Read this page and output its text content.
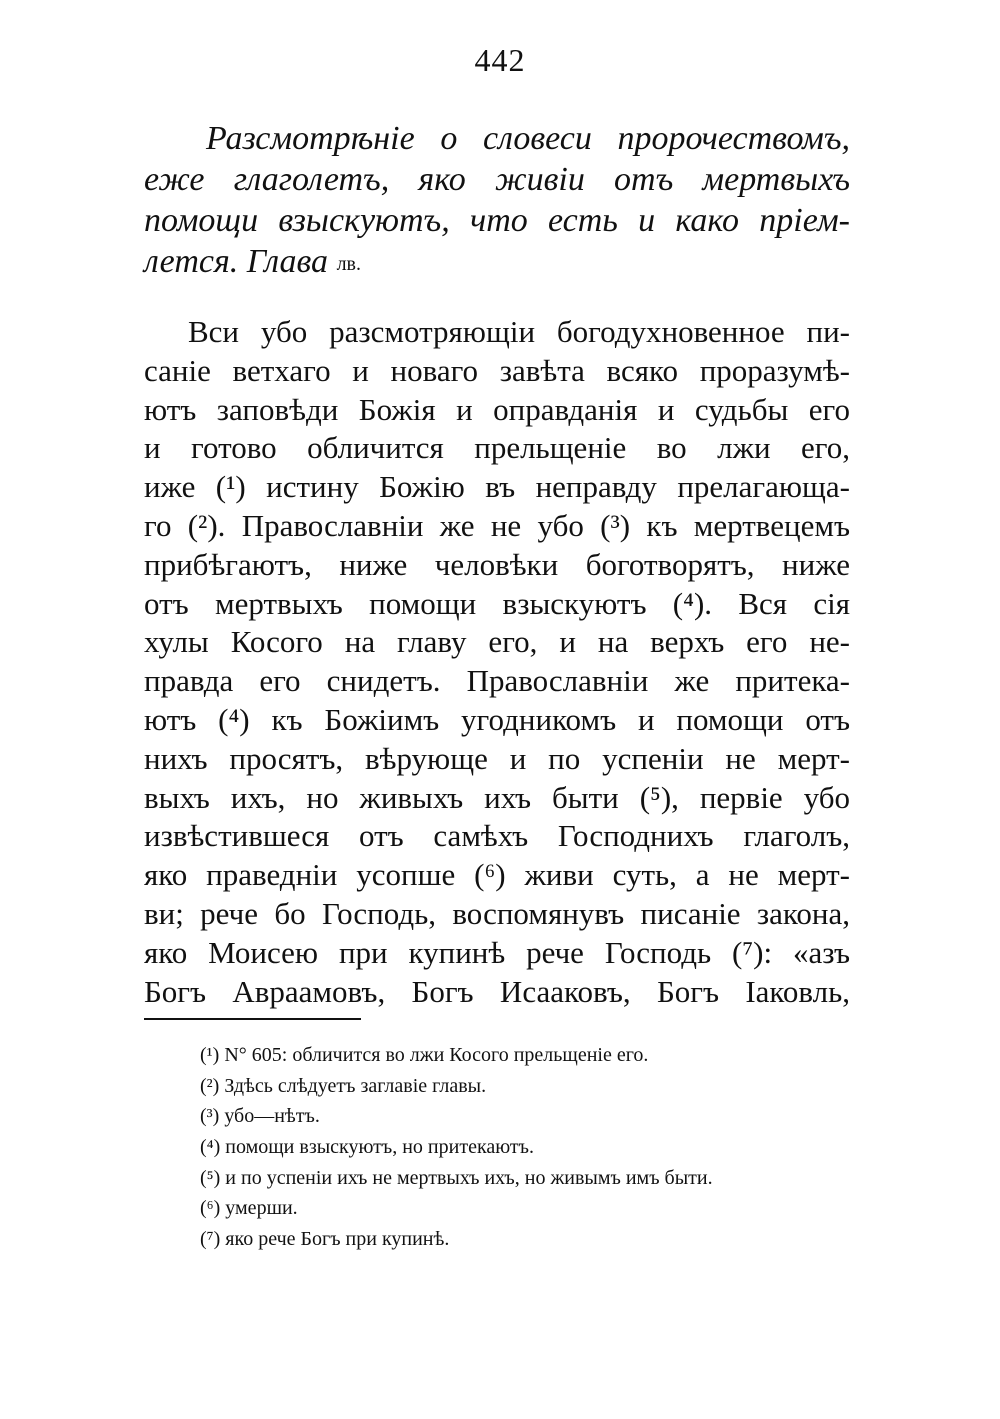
442
Разсмотрѣніе о словеси пророчествомъ,
еже глаголетъ, яко живіи отъ мертвыхъ
помощи взыскуютъ, что есть и како пріем-
лется. Глава лв.
Вси убо разсмотряющіи богодухновенное пи-
саніе ветхаго и новаго завѣта всяко проразумѣ-
ютъ заповѣди Божія и оправданія и судьбы его
и готово обличится прельщеніе во лжи его,
иже (¹) истину Божію въ неправду прелагающа-
го (²). Православніи же не убо (³) къ мертвецемъ
прибѣгаютъ, ниже человѣки боготворятъ, ниже
отъ мертвыхъ помощи взыскуютъ (⁴). Вся сія
хулы Косого на главу его, и на верхъ его не-
правда его снидетъ. Православніи же притека-
ютъ (⁴) къ Божіимъ угодникомъ и помощи отъ
нихъ просятъ, вѣрующе и по успеніи не мерт-
выхъ ихъ, но живыхъ ихъ быти (⁵), первіе убо
извѣстившеся отъ самѣхъ Господнихъ глаголъ,
яко праведніи усопше (⁶) живи суть, а не мерт-
ви; рече бо Господь, воспомянувъ писаніе закона,
яко Моисею при купинѣ рече Господь (⁷): «азъ
Богъ Авраамовъ, Богъ Исааковъ, Богъ Іаковль,
(¹) N° 605: обличится во лжи Косого прельщеніе его.
(²) Здѣсь слѣдуетъ заглавіе главы.
(³) убо—нѣтъ.
(⁴) помощи взыскуютъ, но притекаютъ.
(⁵) и по успеніи ихъ не мертвыхъ ихъ, но живымъ имъ быти.
(⁶) умерши.
(⁷) яко рече Богъ при купинѣ.
